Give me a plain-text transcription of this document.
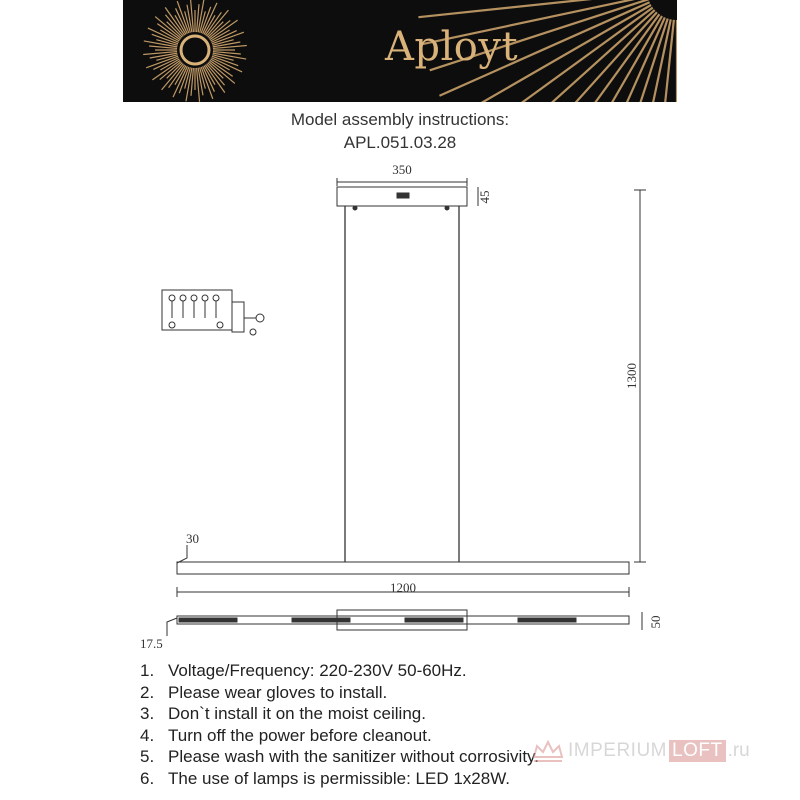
Aployt
Model assembly instructions:
APL.051.03.28
350
45
1300
30
1200
17.5
50
1. Voltage/Frequency: 220-230V 50-60Hz.
2. Please wear gloves to install.
3. Don`t install it on the moist ceiling.
4. Turn off the power before cleanout.
5. Please wash with the sanitizer without corrosivity.
6. The use of lamps is permissible: LED 1x28W.
IMPERIUM LOFT .ru
